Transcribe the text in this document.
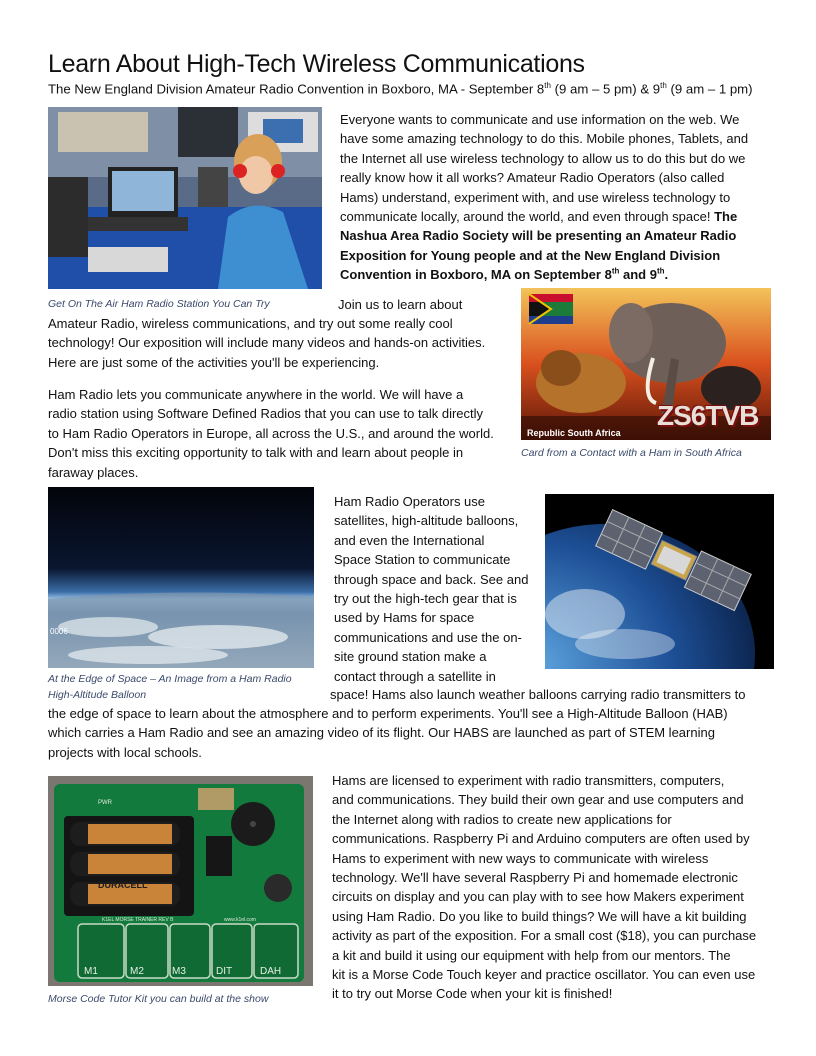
Learn About High-Tech Wireless Communications
The New England Division Amateur Radio Convention in Boxboro, MA - September 8th (9 am – 5 pm) & 9th (9 am – 1 pm)
Get On The Air Ham Radio Station You Can Try

Everyone wants to communicate and use information on the web. We

have some amazing technology to do this. Mobile phones, Tablets, and

the Internet all use wireless technology to allow us to do this but do we

really know how it all works? Amateur Radio Operators (also called

Hams) understand, experiment with, and use wireless technology to

communicate locally, around the world, and even through space! The

Nashua Area Radio Society will be presenting an Amateur Radio

Exposition for Young people and at the New England Division

Convention in Boxboro, MA on September 8th and 9th.

Join us to learn about

Amateur Radio, wireless communications, and try out some really cool

technology! Our exposition will include many videos and hands-on activities.

Here are just some of the activities you'll be experiencing.

ZS6TVB
Republic South Africa
Card from a Contact with a Ham in South Africa

Ham Radio lets you communicate anywhere in the world. We will have a

radio station using Software Defined Radios that you can use to talk directly

to Ham Radio Operators in Europe, all across the U.S., and around the world.

Don't miss this exciting opportunity to talk with and learn about people in

faraway places.

0006
At the Edge of Space – An Image from a Ham Radio
High-Altitude Balloon

Ham Radio Operators use

satellites, high-altitude balloons,

and even the International

Space Station to communicate

through space and back. See and

try out the high-tech gear that is

used by Hams for space

communications and use the on-

site ground station make a

contact through a satellite in

space! Hams also launch weather balloons carrying radio transmitters to

the edge of space to learn about the atmosphere and to perform experiments. You'll see a High-Altitude Balloon (HAB)

which carries a Ham Radio and see an amazing video of its flight. Our HABS are launched as part of STEM learning

projects with local schools.

M1	M2	M3	DIT	DAH
K1EL MORSE TRAINER REV B	www.k1el.com
PWR
DURACELL
Morse Code Tutor Kit you can build at the show

Hams are licensed to experiment with radio transmitters, computers,

and communications. They build their own gear and use computers and

the Internet along with radios to create new applications for

communications. Raspberry Pi and Arduino computers are often used by

Hams to experiment with new ways to communicate with wireless

technology. We'll have several Raspberry Pi and homemade electronic

circuits on display and you can play with to see how Makers experiment

using Ham Radio. Do you like to build things? We will have a kit building

activity as part of the exposition. For a small cost ($18), you can purchase

a kit and build it using our equipment with help from our mentors. The

kit is a Morse Code Touch keyer and practice oscillator. You can even use

it to try out Morse Code when your kit is finished!
